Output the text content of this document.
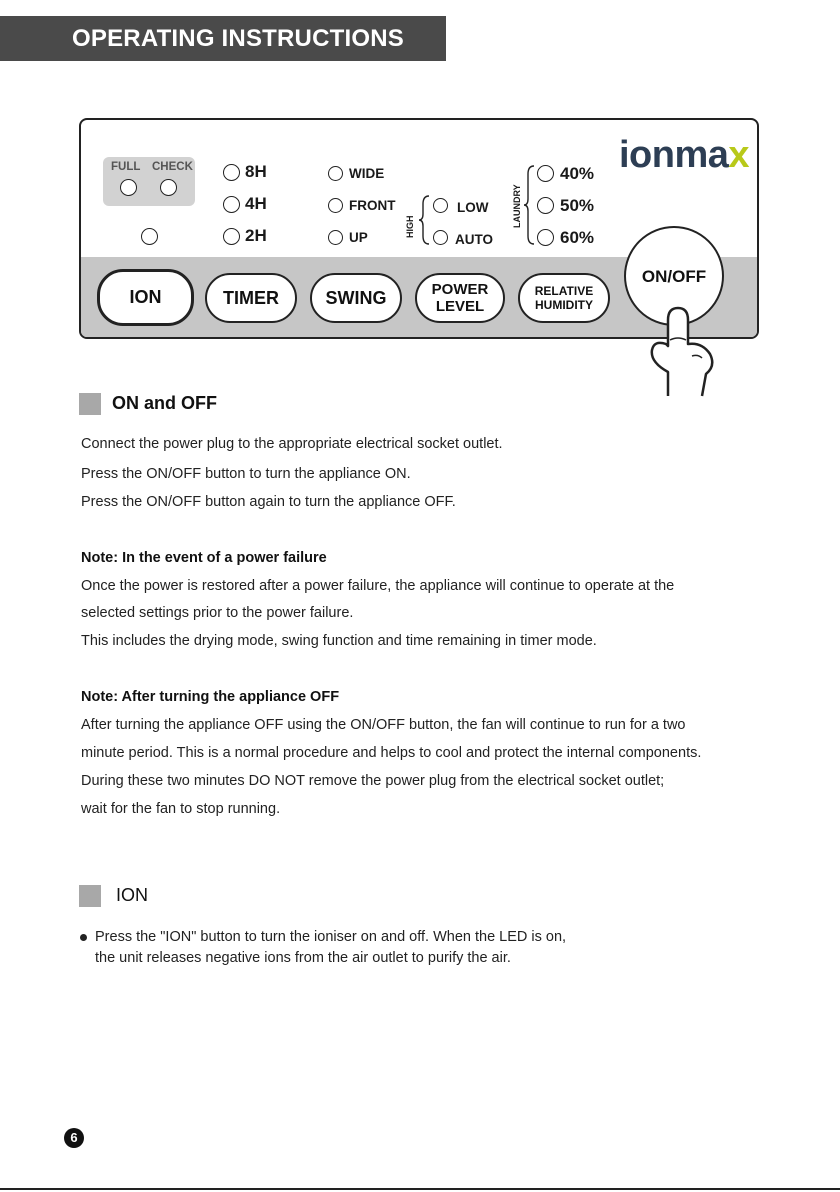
OPERATING INSTRUCTIONS
FULL CHECK	8H
4H
2H
WIDE
FRONT
UP	HIGH
LOW
AUTO
LAUNDRY
40%
50%
60%
ionmax
ION	TIMER	SWING	POWER
LEVEL
RELATIVE
HUMIDITY
ON/OFF
ON and OFF
Connect the power plug to the appropriate electrical socket outlet.
Press the ON/OFF button to turn the appliance ON.
Press the ON/OFF button again to turn the appliance OFF.
Note: In the event of a power failure
Once the power is restored after a power failure, the appliance will continue to operate at the
selected settings prior to the power failure.
This includes the drying mode, swing function and time remaining in timer mode.
Note: After turning the appliance OFF
After turning the appliance OFF using the ON/OFF button, the fan will continue to run for a two
minute period. This is a normal procedure and helps to cool and protect the internal components.
During these two minutes DO NOT remove the power plug from the electrical socket outlet;
wait for the fan to stop running.
ION
Press the "ION" button to turn the ioniser on and off. When the LED is on,
the unit releases negative ions from the air outlet to purify the air.
6
